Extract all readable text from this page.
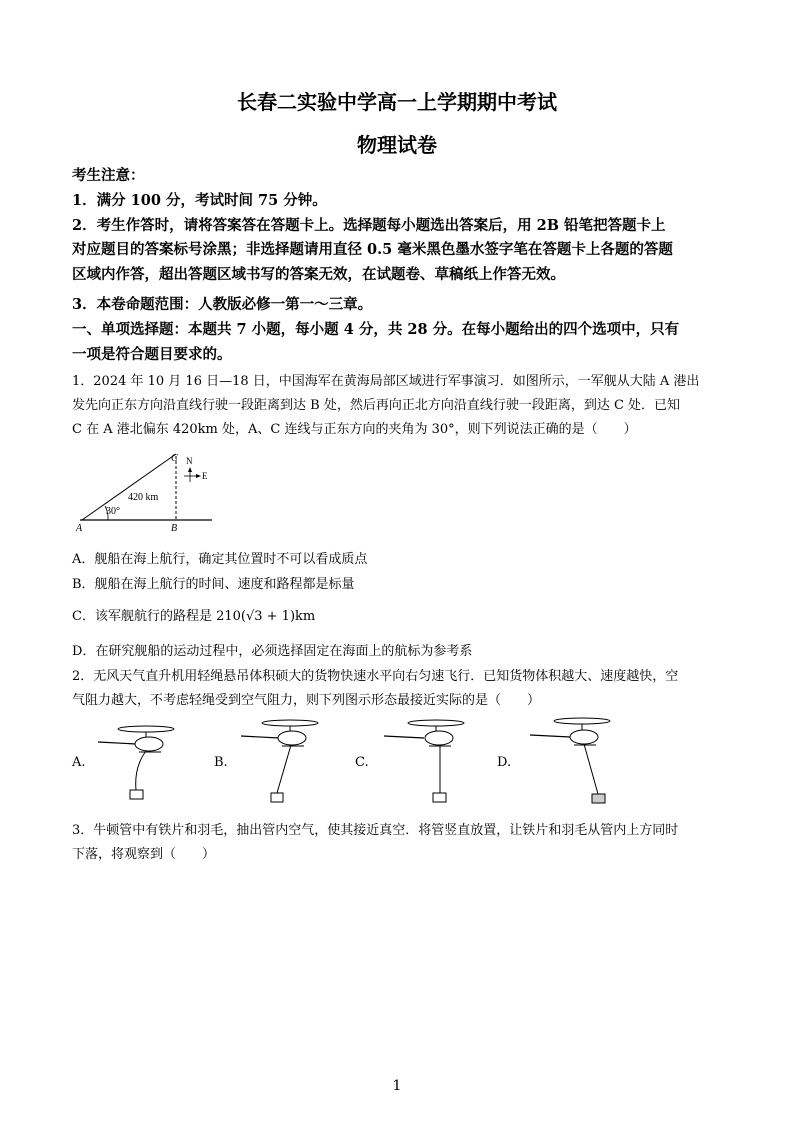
长春二实验中学高一上学期期中考试
物理试卷
考生注意：
1．满分 100 分，考试时间 75 分钟。
2．考生作答时，请将答案答在答题卡上。选择题每小题选出答案后，用 2B 铅笔把答题卡上
对应题目的答案标号涂黑；非选择题请用直径 0.5 毫米黑色墨水签字笔在答题卡上各题的答题
区域内作答，超出答题区域书写的答案无效，在试题卷、草稿纸上作答无效。
3．本卷命题范围：人教版必修一第一～三章。
一、单项选择题：本题共 7 小题，每小题 4 分，共 28 分。在每小题给出的四个选项中，只有
一项是符合题目要求的。
1．2024 年 10 月 16 日—18 日，中国海军在黄海局部区域进行军事演习．如图所示，一军舰从大陆 A 港出
发先向正东方向沿直线行驶一段距离到达 B 处，然后再向正北方向沿直线行驶一段距离，到达 C 处．已知
C 在 A 港北偏东 420km 处，A、C 连线与正东方向的夹角为 30°，则下列说法正确的是（　　）
30°
420 km
A	B
C N
E
A．舰船在海上航行，确定其位置时不可以看成质点
B．舰船在海上航行的时间、速度和路程都是标量
C．该军舰航行的路程是 210(√3 + 1)km
D．在研究舰船的运动过程中，必须选择固定在海面上的航标为参考系
2．无风天气直升机用轻绳悬吊体积硕大的货物快速水平向右匀速飞行．已知货物体积越大、速度越快，空
气阻力越大，不考虑轻绳受到空气阻力，则下列图示形态最接近实际的是（　　）
A.	B.	C.	D.
3．牛顿管中有铁片和羽毛，抽出管内空气，使其接近真空．将管竖直放置，让铁片和羽毛从管内上方同时
下落，将观察到（　　）
1
